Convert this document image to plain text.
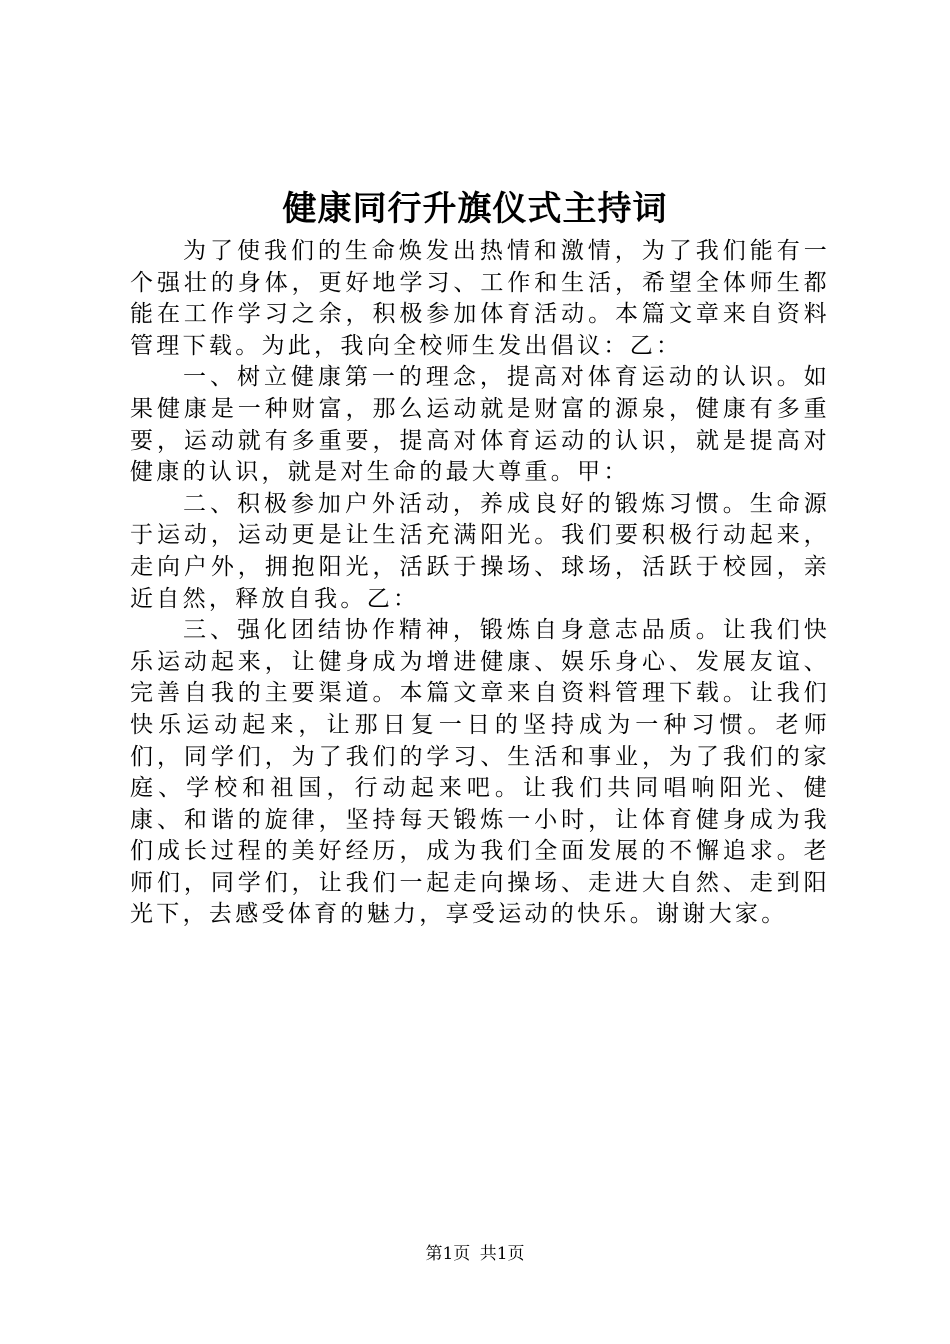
健康同行升旗仪式主持词

为了使我们的生命焕发出热情和激情，为了我们能有一个强壮的身体，更好地学习、工作和生活，希望全体师生都能在工作学习之余，积极参加体育活动。本篇文章来自资料管理下载。为此，我向全校师生发出倡议：乙：

一、树立健康第一的理念，提高对体育运动的认识。如果健康是一种财富，那么运动就是财富的源泉，健康有多重要，运动就有多重要，提高对体育运动的认识，就是提高对健康的认识，就是对生命的最大尊重。甲：

二、积极参加户外活动，养成良好的锻炼习惯。生命源于运动，运动更是让生活充满阳光。我们要积极行动起来，走向户外，拥抱阳光，活跃于操场、球场，活跃于校园，亲近自然，释放自我。乙：

三、强化团结协作精神，锻炼自身意志品质。让我们快乐运动起来，让健身成为增进健康、娱乐身心、发展友谊、完善自我的主要渠道。本篇文章来自资料管理下载。让我们快乐运动起来，让那日复一日的坚持成为一种习惯。老师们，同学们，为了我们的学习、生活和事业，为了我们的家庭、学校和祖国，行动起来吧。让我们共同唱响阳光、健康、和谐的旋律，坚持每天锻炼一小时，让体育健身成为我们成长过程的美好经历，成为我们全面发展的不懈追求。老师们，同学们，让我们一起走向操场、走进大自然、走到阳光下，去感受体育的魅力，享受运动的快乐。谢谢大家。

第1页 共1页
